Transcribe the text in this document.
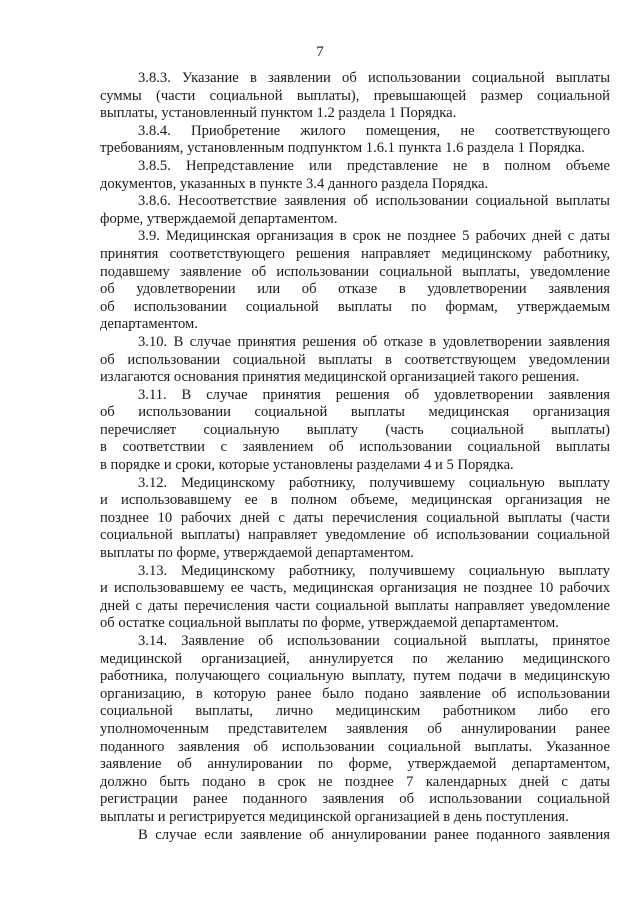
7
3.8.3. Указание в заявлении об использовании социальной выплаты
суммы (части социальной выплаты), превышающей размер социальной
выплаты, установленный пунктом 1.2 раздела 1 Порядка.
3.8.4. Приобретение жилого помещения, не соответствующего
требованиям, установленным подпунктом 1.6.1 пункта 1.6 раздела 1 Порядка.
3.8.5. Непредставление или представление не в полном объеме
документов, указанных в пункте 3.4 данного раздела Порядка.
3.8.6. Несоответствие заявления об использовании социальной выплаты
форме, утверждаемой департаментом.
3.9. Медицинская организация в срок не позднее 5 рабочих дней с даты
принятия соответствующего решения направляет медицинскому работнику,
подавшему заявление об использовании социальной выплаты, уведомление
об удовлетворении или об отказе в удовлетворении заявления
об использовании социальной выплаты по формам, утверждаемым
департаментом.
3.10. В случае принятия решения об отказе в удовлетворении заявления
об использовании социальной выплаты в соответствующем уведомлении
излагаются основания принятия медицинской организацией такого решения.
3.11. В случае принятия решения об удовлетворении заявления
об использовании социальной выплаты медицинская организация
перечисляет социальную выплату (часть социальной выплаты)
в соответствии с заявлением об использовании социальной выплаты
в порядке и сроки, которые установлены разделами 4 и 5 Порядка.
3.12. Медицинскому работнику, получившему социальную выплату
и использовавшему ее в полном объеме, медицинская организация не
позднее 10 рабочих дней с даты перечисления социальной выплаты (части
социальной выплаты) направляет уведомление об использовании социальной
выплаты по форме, утверждаемой департаментом.
3.13. Медицинскому работнику, получившему социальную выплату
и использовавшему ее часть, медицинская организация не позднее 10 рабочих
дней с даты перечисления части социальной выплаты направляет уведомление
об остатке социальной выплаты по форме, утверждаемой департаментом.
3.14. Заявление об использовании социальной выплаты, принятое
медицинской организацией, аннулируется по желанию медицинского
работника, получающего социальную выплату, путем подачи в медицинскую
организацию, в которую ранее было подано заявление об использовании
социальной выплаты, лично медицинским работником либо его
уполномоченным представителем заявления об аннулировании ранее
поданного заявления об использовании социальной выплаты. Указанное
заявление об аннулировании по форме, утверждаемой департаментом,
должно быть подано в срок не позднее 7 календарных дней с даты
регистрации ранее поданного заявления об использовании социальной
выплаты и регистрируется медицинской организацией в день поступления.
В случае если заявление об аннулировании ранее поданного заявления
